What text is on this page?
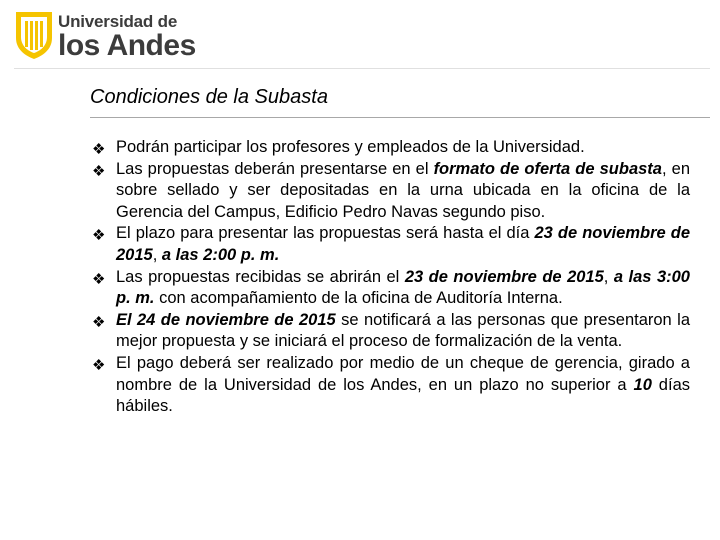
Universidad de
los Andes
Condiciones de la Subasta
❖ Podrán participar los profesores y empleados de la Universidad.
❖ Las propuestas deberán presentarse en el formato de oferta de subasta, en sobre sellado y ser depositadas en la urna ubicada en la oficina de la Gerencia del Campus, Edificio Pedro Navas segundo piso.
❖ El plazo para presentar las propuestas será hasta el día 23 de noviembre de 2015, a las 2:00 p. m.
❖ Las propuestas recibidas se abrirán el 23 de noviembre de 2015, a las 3:00 p. m. con acompañamiento de la oficina de Auditoría Interna.
❖ El 24 de noviembre de 2015 se notificará a las personas que presentaron la mejor propuesta y se iniciará el proceso de formalización de la venta.
❖ El pago deberá ser realizado por medio de un cheque de gerencia, girado a nombre de la Universidad de los Andes, en un plazo no superior a 10 días hábiles.
